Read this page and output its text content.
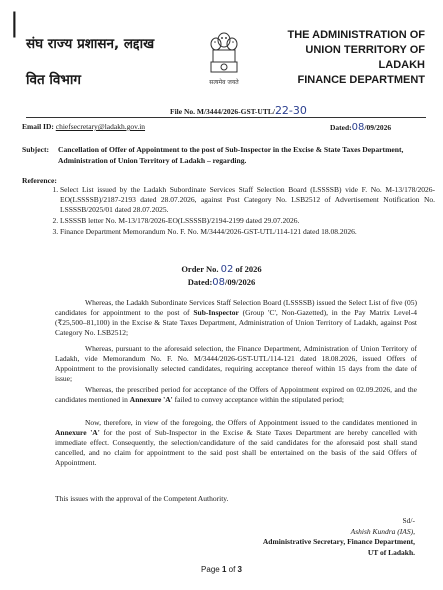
|
संघ राज्य प्रशासन, लद्दाख
वित विभाग	सत्यमेव जयते
THE ADMINISTRATION OF
UNION TERRITORY OF
LADAKH
FINANCE DEPARTMENT
File No. M/3444/2026-GST-UTL/22-30
Email ID: chiefsecretary@ladakh.gov.in	Dated:08/09/2026
Subject: Cancellation of Offer of Appointment to the post of Sub-Inspector in the Excise & State Taxes Department, Administration of Union Territory of Ladakh – regarding.
Reference:
1. Select List issued by the Ladakh Subordinate Services Staff Selection Board (LSSSSB) vide F. No. M-13/178/2026-EO(LSSSSB)/2187-2193 dated 28.07.2026, against Post Category No. LSB2512 of Advertisement Notification No. LSSSSB/2025/01 dated 28.07.2025.
2. LSSSSB letter No. M-13/178/2026-EO(LSSSSB)/2194-2199 dated 29.07.2026.
3. Finance Department Memorandum No. F. No. M/3444/2026-GST-UTL/114-121 dated 18.08.2026.
Order No. 02 of 2026
Dated:08/09/2026
Whereas, the Ladakh Subordinate Services Staff Selection Board (LSSSSB) issued the Select List of five (05) candidates for appointment to the post of Sub-Inspector (Group 'C', Non-Gazetted), in the Pay Matrix Level-4 (₹25,500–81,100) in the Excise & State Taxes Department, Administration of Union Territory of Ladakh, against Post Category No. LSB2512;
Whereas, pursuant to the aforesaid selection, the Finance Department, Administration of Union Territory of Ladakh, vide Memorandum No. F. No. M/3444/2026-GST-UTL/114-121 dated 18.08.2026, issued Offers of Appointment to the provisionally selected candidates, requiring acceptance thereof within 15 days from the date of issue;
Whereas, the prescribed period for acceptance of the Offers of Appointment expired on 02.09.2026, and the candidates mentioned in Annexure 'A' failed to convey acceptance within the stipulated period;
Now, therefore, in view of the foregoing, the Offers of Appointment issued to the candidates mentioned in Annexure 'A' for the post of Sub-Inspector in the Excise & State Taxes Department are hereby cancelled with immediate effect. Consequently, the selection/candidature of the said candidates for the aforesaid post shall stand cancelled, and no claim for appointment to the said post shall be entertained on the basis of the said Offers of Appointment.
This issues with the approval of the Competent Authority.
Sd/-
Ashish Kundra (IAS),
Administrative Secretary, Finance Department,
UT of Ladakh.
Page 1 of 3
